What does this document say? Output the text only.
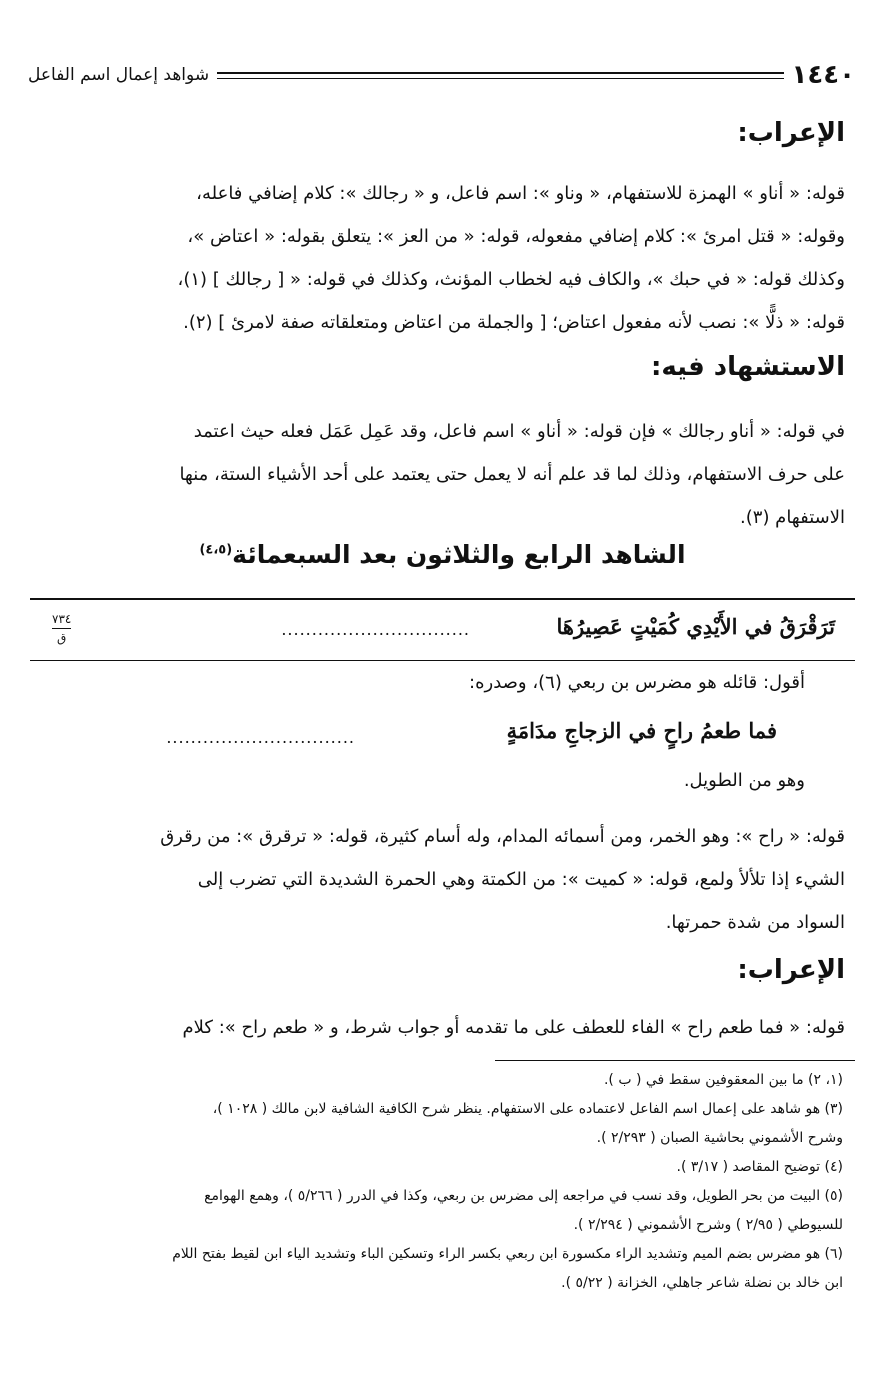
١٤٤٠
شواهد إعمال اسم الفاعل
الإعراب:

قوله: « أناو » الهمزة للاستفهام، « وناو »: اسم فاعل، و « رجالك »: كلام إضافي فاعله،

وقوله: « قتل امرئ »: كلام إضافي مفعوله، قوله: « من العز »: يتعلق بقوله: « اعتاض »،

وكذلك قوله: « في حبك »، والكاف فيه لخطاب المؤنث، وكذلك في قوله: « [ رجالك ] (١)،

قوله: « ذلًّا »: نصب لأنه مفعول اعتاض؛ [ والجملة من اعتاض ومتعلقاته صفة لامرئ ] (٢).

الاستشهاد فيه:

في قوله: « أناو رجالك » فإن قوله: « أناو » اسم فاعل، وقد عَمِل عَمَل فعله حيث اعتمد

على حرف الاستفهام، وذلك لما قد علم أنه لا يعمل حتى يعتمد على أحد الأشياء الستة، منها

الاستفهام (٣).

الشاهد الرابع والثلاثون بعد السبعمائة$^{(٤،٥)}$
تَرَقْرَقُ في الأَيْدِي كُمَيْتٍ عَصِيرُهَا
...............................
٧٣٤
ق
أقول: قائله هو مضرس بن ربعي (٦)، وصدره:
فما طعمُ راحٍ في الزجاجِ مدَامَةٍ
...............................
وهو من الطويل.

قوله: « راح »: وهو الخمر، ومن أسمائه المدام، وله أسام كثيرة، قوله: « ترقرق »: من رقرق

الشيء إذا تلألأ ولمع، قوله: « كميت »: من الكمتة وهي الحمرة الشديدة التي تضرب إلى

السواد من شدة حمرتها.

الإعراب:

قوله: « فما طعم راح » الفاء للعطف على ما تقدمه أو جواب شرط، و « طعم راح »: كلام

(١، ٢) ما بين المعقوفين سقط في ( ب ).

(٣) هو شاهد على إعمال اسم الفاعل لاعتماده على الاستفهام. ينظر شرح الكافية الشافية لابن مالك ( ١٠٢٨ )،

وشرح الأشموني بحاشية الصبان ( ٢/٢٩٣ ).

(٤) توضيح المقاصد ( ٣/١٧ ).

(٥) البيت من بحر الطويل، وقد نسب في مراجعه إلى مضرس بن ربعي، وكذا في الدرر ( ٥/٢٦٦ )، وهمع الهوامع

للسيوطي ( ٢/٩٥ ) وشرح الأشموني ( ٢/٢٩٤ ).

(٦) هو مضرس بضم الميم وتشديد الراء مكسورة ابن ربعي بكسر الراء وتسكين الباء وتشديد الياء ابن لقيط بفتح اللام

ابن خالد بن نضلة شاعر جاهلي، الخزانة ( ٥/٢٢ ).
